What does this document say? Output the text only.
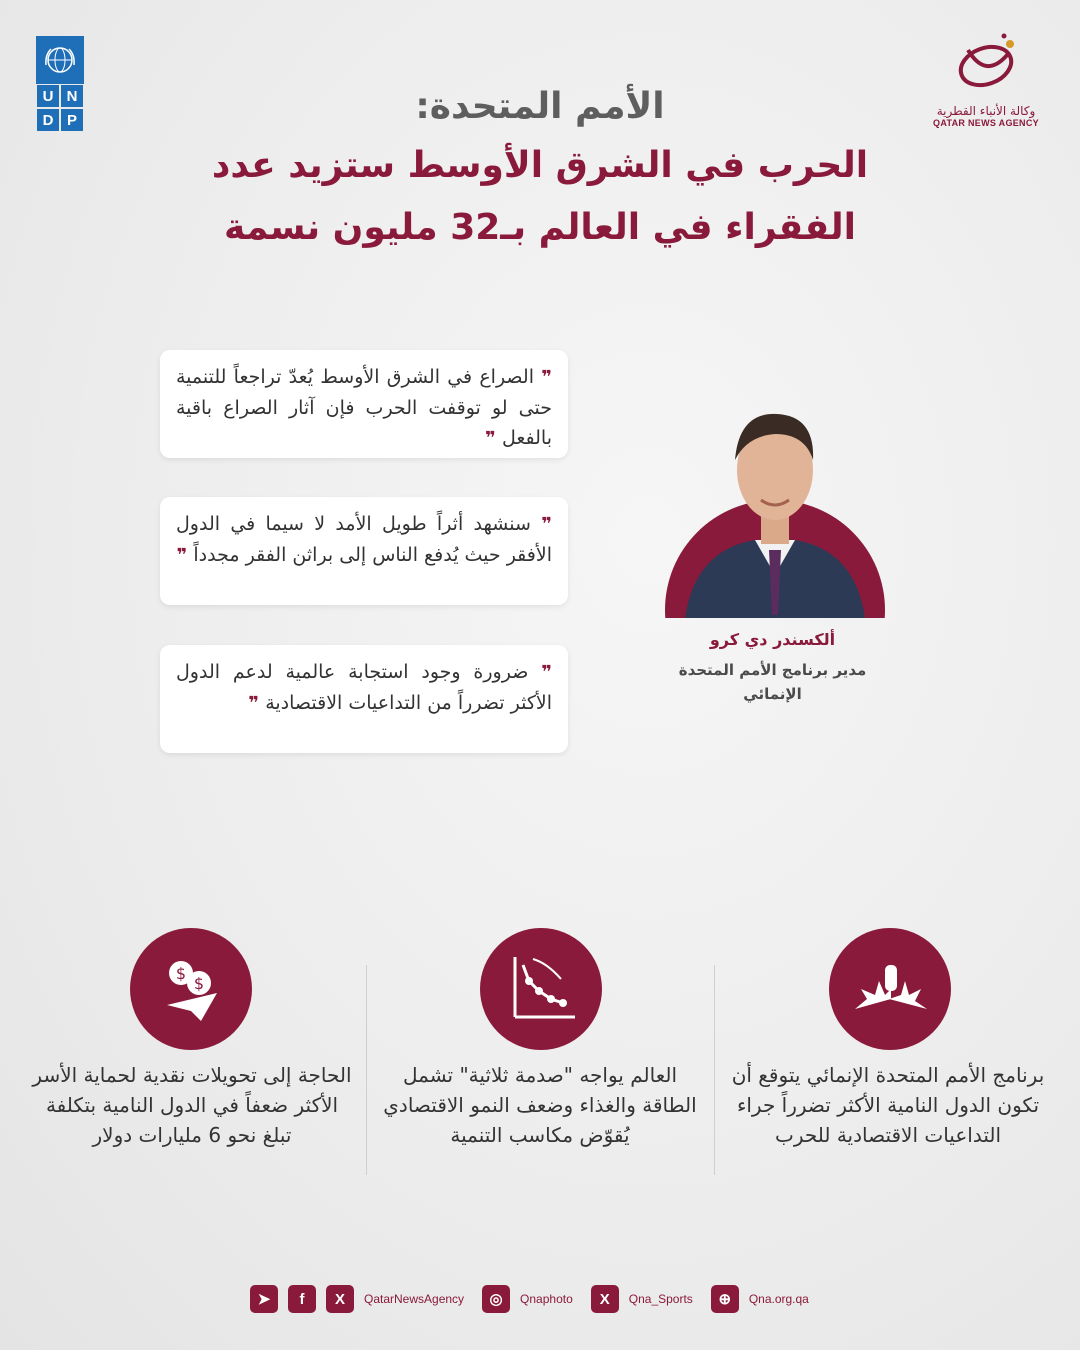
U N
D P
وكالة الأنباء القطرية
QATAR NEWS AGENCY
الأمم المتحدة:
الحرب في الشرق الأوسط ستزيد عدد
الفقراء في العالم بـ32 مليون نسمة
❞ الصراع في الشرق الأوسط يُعدّ تراجعاً للتنمية حتى لو توقفت الحرب فإن آثار الصراع باقية بالفعل ❞
❞ سنشهد أثراً طويل الأمد لا سيما في الدول الأفقر حيث يُدفع الناس إلى براثن الفقر مجدداً ❞
❞ ضرورة وجود استجابة عالمية لدعم الدول الأكثر تضرراً من التداعيات الاقتصادية ❞
ألكسندر دي كرو
مدير برنامج الأمم المتحدة الإنمائي
$
$
برنامج الأمم المتحدة الإنمائي يتوقع أن تكون الدول النامية الأكثر تضرراً جراء التداعيات الاقتصادية للحرب
العالم يواجه "صدمة ثلاثية" تشمل الطاقة والغذاء وضعف النمو الاقتصادي يُقوّض مكاسب التنمية
الحاجة إلى تحويلات نقدية لحماية الأسر الأكثر ضعفاً في الدول النامية بتكلفة تبلغ نحو 6 مليارات دولار
➤	f	X	QatarNewsAgency	◎	Qnaphoto	X	Qna_Sports	⊕	Qna.org.qa
